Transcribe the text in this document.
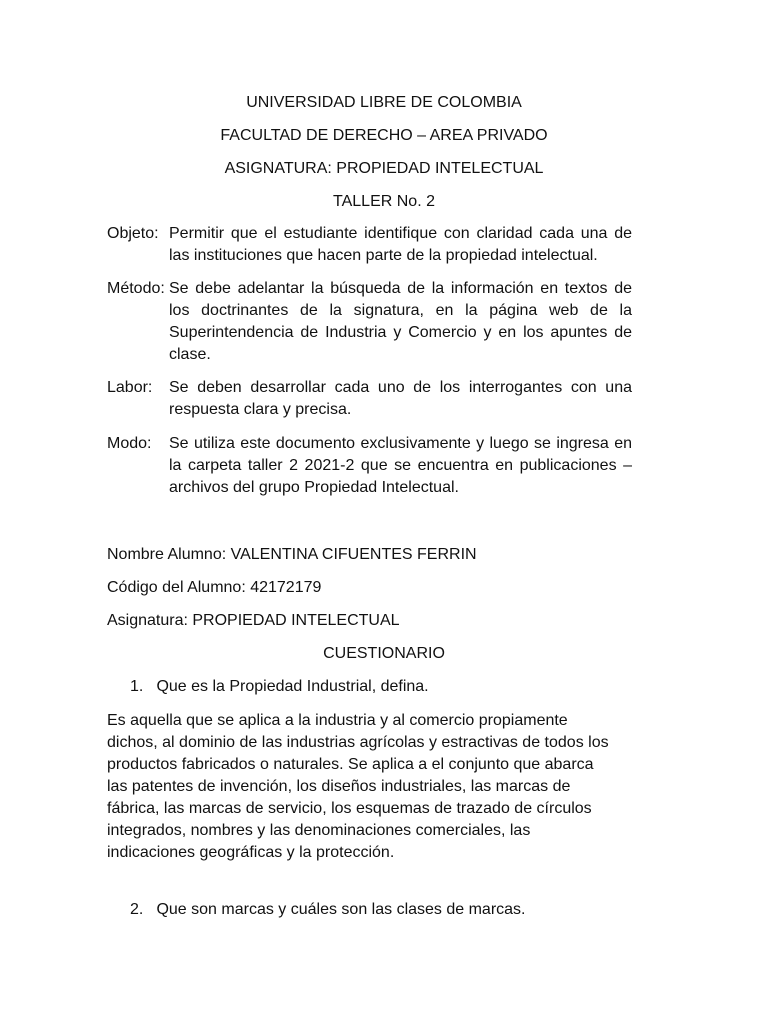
UNIVERSIDAD LIBRE DE COLOMBIA
FACULTAD DE DERECHO – AREA PRIVADO
ASIGNATURA: PROPIEDAD INTELECTUAL
TALLER No. 2
Objeto: Permitir que el estudiante identifique con claridad cada una de las instituciones que hacen parte de la propiedad intelectual.
Método: Se debe adelantar la búsqueda de la información en textos de los doctrinantes de la signatura, en la página web de la Superintendencia de Industria y Comercio y en los apuntes de clase.
Labor: Se deben desarrollar cada uno de los interrogantes con una respuesta clara y precisa.
Modo: Se utiliza este documento exclusivamente y luego se ingresa en la carpeta taller 2 2021-2 que se encuentra en publicaciones – archivos del grupo Propiedad Intelectual.
Nombre Alumno: VALENTINA CIFUENTES FERRIN
Código del Alumno: 42172179
Asignatura: PROPIEDAD INTELECTUAL
CUESTIONARIO
1. Que es la Propiedad Industrial, defina.
Es aquella que se aplica a la industria y al comercio propiamente
dichos, al dominio de las industrias agrícolas y estractivas de todos los
productos fabricados o naturales. Se aplica a el conjunto que abarca
las patentes de invención, los diseños industriales, las marcas de
fábrica, las marcas de servicio, los esquemas de trazado de círculos
integrados, nombres y las denominaciones comerciales, las
indicaciones geográficas y la protección.
2. Que son marcas y cuáles son las clases de marcas.
